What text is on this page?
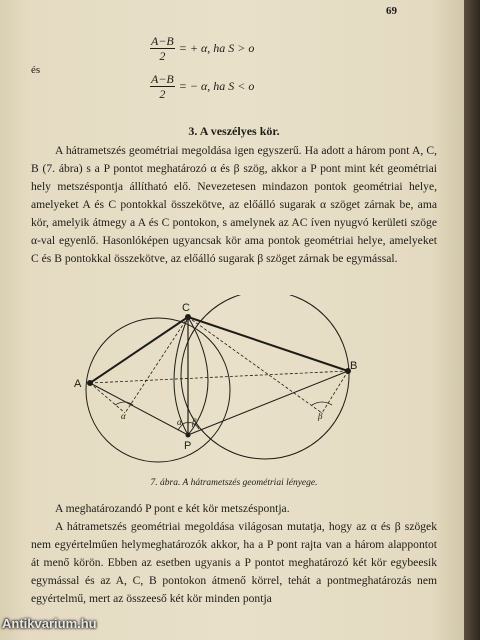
69
$\frac{A-B}{2}$ = + α, ha S > o
és
$\frac{A-B}{2}$ = − α, ha S < o
3. A veszélyes kör.

A hátrametszés geométriai megoldása igen egyszerű. Ha adott a három pont A, C, B (7. ábra) s a P pontot meghatározó α és β szög, akkor a P pont mint két geométriai hely metszéspontja állítható elő. Nevezetesen mindazon pontok geométriai helye, amelyeket A és C pontokkal összekötve, az előálló sugarak α szöget zárnak be, ama kör, amelyik átmegy a A és C pontokon, s amelynek az AC íven nyugvó kerületi szöge α-val egyenlő. Hasonlóképen ugyancsak kör ama pontok geométriai helye, amelyeket C és B pontokkal összekötve, az előálló sugarak β szöget zárnak be egymással.

A
C
B
P
α
α β
β
7. ábra. A hátrametszés geométriai lényege.

A meghatározandó P pont e két kör metszéspontja.

A hátrametszés geométriai megoldása világosan mutatja, hogy az α és β szögek nem egyértelműen helymeghatározók akkor, ha a P pont rajta van a három alappontot át menő körön. Ebben az esetben ugyanis a P pontot meghatározó két kör egybeesik egymással és az A, C, B pontokon átmenő körrel, tehát a pontmeghatározás nem egyértelmű, mert az összeeső két kör minden pontja

Antikvarium.hu
